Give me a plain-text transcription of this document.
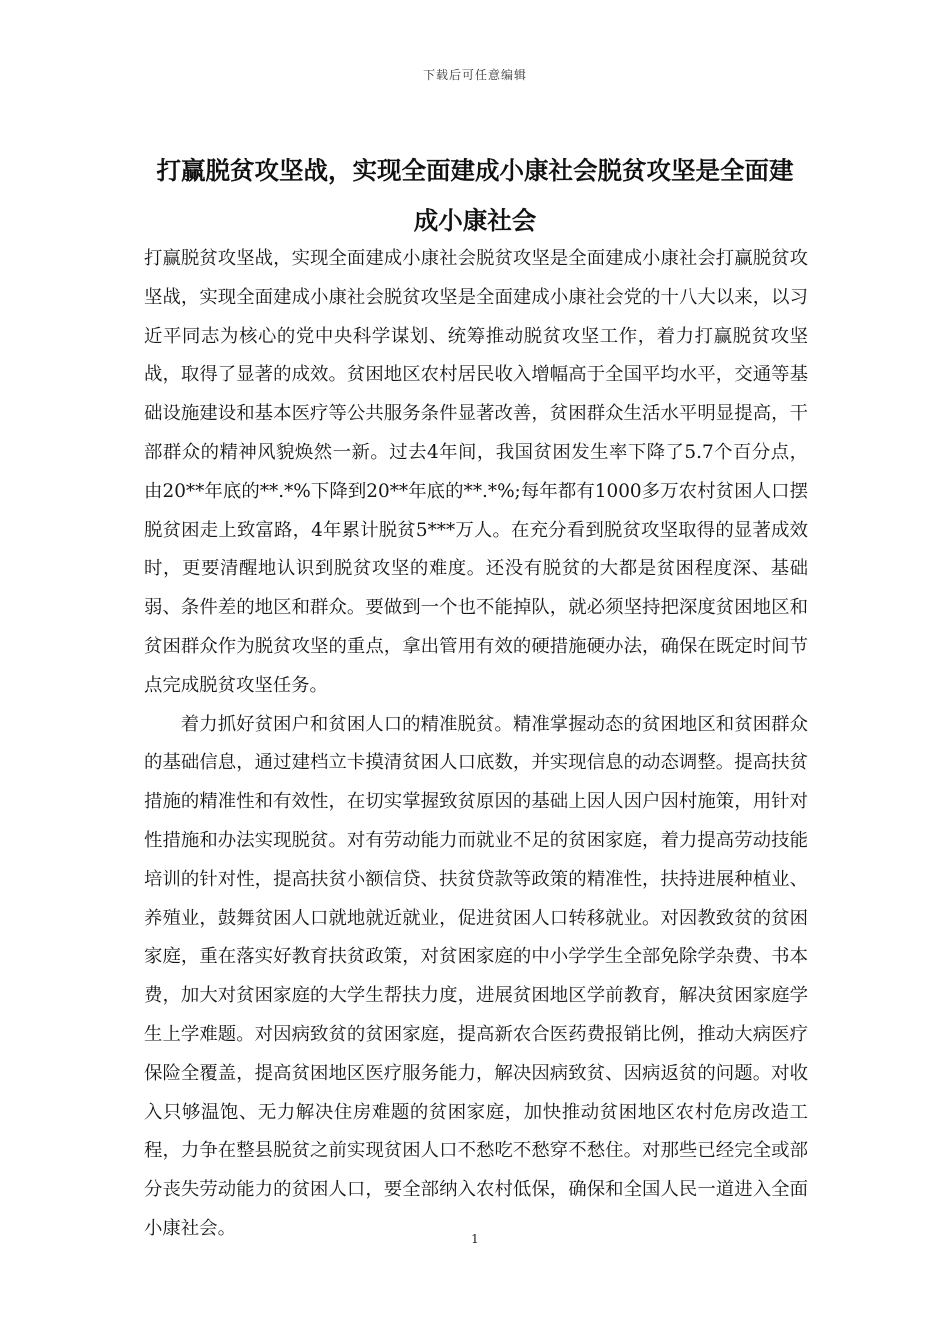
下载后可任意编辑
打赢脱贫攻坚战，实现全面建成小康社会脱贫攻坚是全面建成小康社会

打赢脱贫攻坚战，实现全面建成小康社会脱贫攻坚是全面建成小康社会打赢脱贫攻坚战，实现全面建成小康社会脱贫攻坚是全面建成小康社会党的十八大以来，以习近平同志为核心的党中央科学谋划、统筹推动脱贫攻坚工作，着力打赢脱贫攻坚战，取得了显著的成效。贫困地区农村居民收入增幅高于全国平均水平，交通等基础设施建设和基本医疗等公共服务条件显著改善，贫困群众生活水平明显提高，干部群众的精神风貌焕然一新。过去4年间，我国贫困发生率下降了5.7个百分点，由20**年底的**.*%下降到20**年底的**.*%;每年都有1000多万农村贫困人口摆脱贫困走上致富路，4年累计脱贫5***万人。在充分看到脱贫攻坚取得的显著成效时，更要清醒地认识到脱贫攻坚的难度。还没有脱贫的大都是贫困程度深、基础弱、条件差的地区和群众。要做到一个也不能掉队，就必须坚持把深度贫困地区和贫困群众作为脱贫攻坚的重点，拿出管用有效的硬措施硬办法，确保在既定时间节点完成脱贫攻坚任务。

着力抓好贫困户和贫困人口的精准脱贫。精准掌握动态的贫困地区和贫困群众的基础信息，通过建档立卡摸清贫困人口底数，并实现信息的动态调整。提高扶贫措施的精准性和有效性，在切实掌握致贫原因的基础上因人因户因村施策，用针对性措施和办法实现脱贫。对有劳动能力而就业不足的贫困家庭，着力提高劳动技能培训的针对性，提高扶贫小额信贷、扶贫贷款等政策的精准性，扶持进展种植业、养殖业，鼓舞贫困人口就地就近就业，促进贫困人口转移就业。对因教致贫的贫困家庭，重在落实好教育扶贫政策，对贫困家庭的中小学学生全部免除学杂费、书本费，加大对贫困家庭的大学生帮扶力度，进展贫困地区学前教育，解决贫困家庭学生上学难题。对因病致贫的贫困家庭，提高新农合医药费报销比例，推动大病医疗保险全覆盖，提高贫困地区医疗服务能力，解决因病致贫、因病返贫的问题。对收入只够温饱、无力解决住房难题的贫困家庭，加快推动贫困地区农村危房改造工程，力争在整县脱贫之前实现贫困人口不愁吃不愁穿不愁住。对那些已经完全或部分丧失劳动能力的贫困人口，要全部纳入农村低保，确保和全国人民一道进入全面小康社会。

1
